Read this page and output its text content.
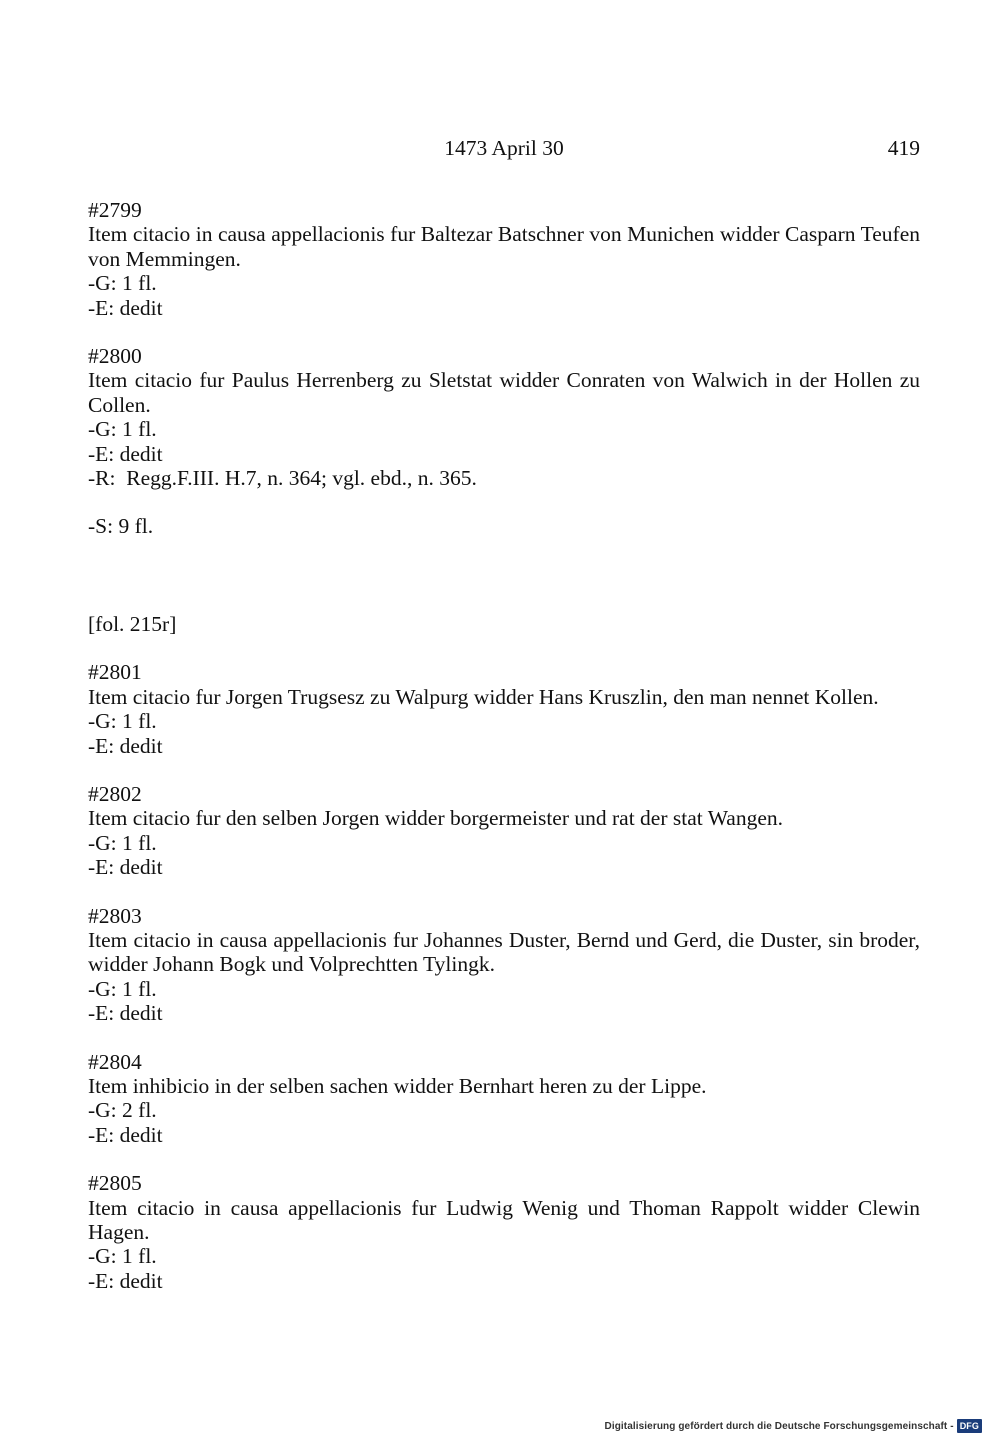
1473 April 30	419
#2799
Item citacio in causa appellacionis fur Baltezar Batschner von Munichen widder Casparn Teufen von Memmingen.
-G: 1 fl.
-E: dedit
#2800
Item citacio fur Paulus Herrenberg zu Sletstat widder Conraten von Walwich in der Hollen zu Collen.
-G: 1 fl.
-E: dedit
-R:  Regg.F.III. H.7, n. 364; vgl. ebd., n. 365.
-S: 9 fl.
[fol. 215r]
#2801
Item citacio fur Jorgen Trugsesz zu Walpurg widder Hans Kruszlin, den man nennet Kollen.
-G: 1 fl.
-E: dedit
#2802
Item citacio fur den selben Jorgen widder borgermeister und rat der stat Wangen.
-G: 1 fl.
-E: dedit
#2803
Item citacio in causa appellacionis fur Johannes Duster, Bernd und Gerd, die Duster, sin broder, widder Johann Bogk und Volprechtten Tylingk.
-G: 1 fl.
-E: dedit
#2804
Item inhibicio in der selben sachen widder Bernhart heren zu der Lippe.
-G: 2 fl.
-E: dedit
#2805
Item citacio in causa appellacionis fur Ludwig Wenig und Thoman Rappolt widder Clewin Hagen.
-G: 1 fl.
-E: dedit
Digitalisierung gefördert durch die Deutsche Forschungsgemeinschaft - DFG
